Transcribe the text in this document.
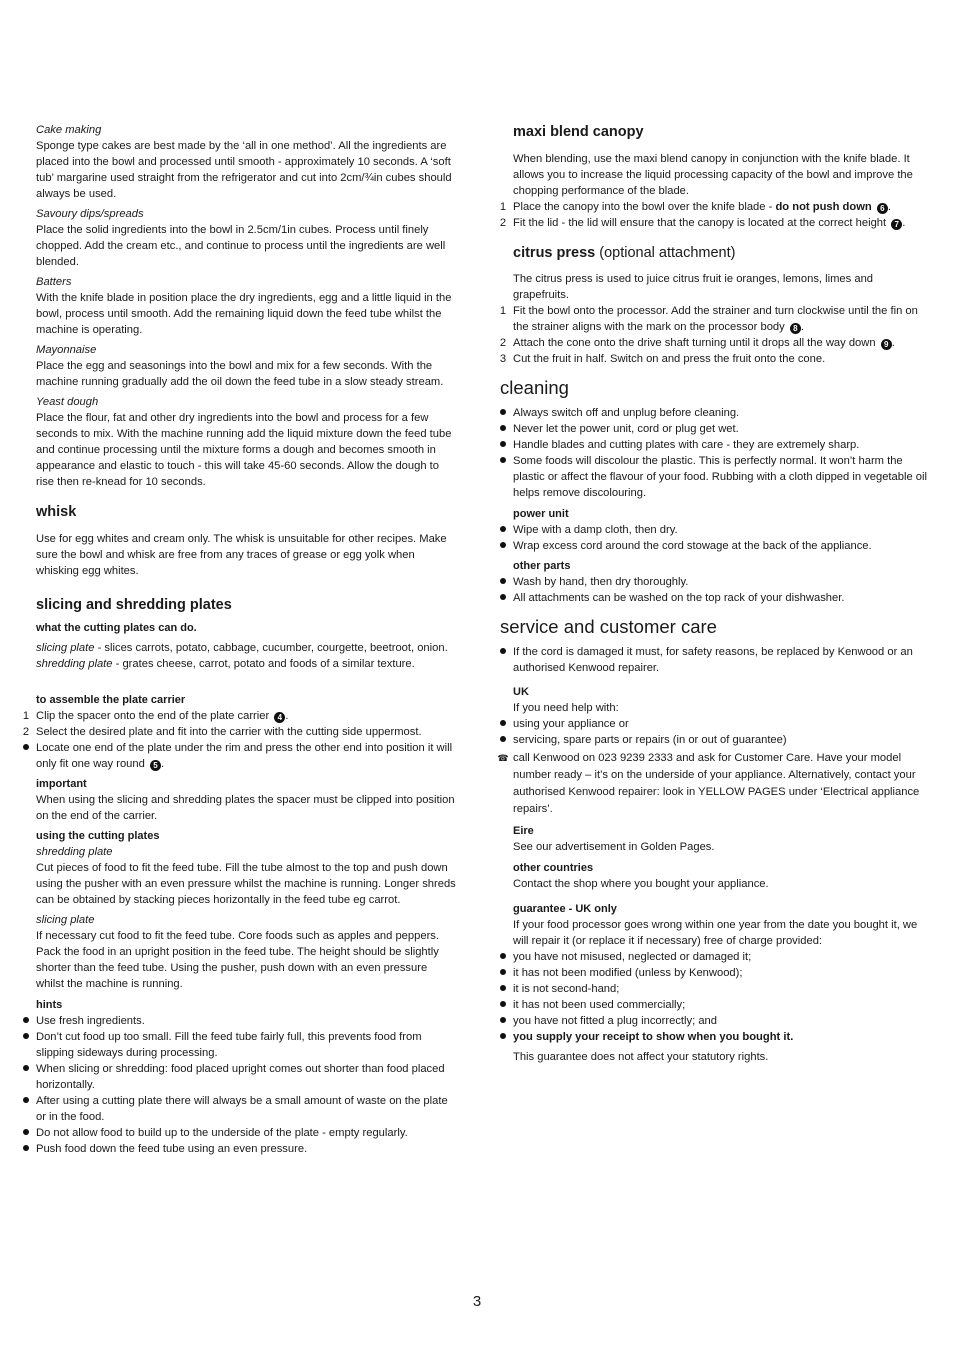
Cake making

Sponge type cakes are best made by the ‘all in one method’. All the ingredients are placed into the bowl and processed until smooth - approximately 10 seconds. A ‘soft tub’ margarine used straight from the refrigerator and cut into 2cm/¾in cubes should always be used.

Savoury dips/spreads

Place the solid ingredients into the bowl in 2.5cm/1in cubes. Process until finely chopped. Add the cream etc., and continue to process until the ingredients are well blended.

Batters

With the knife blade in position place the dry ingredients, egg and a little liquid in the bowl, process until smooth. Add the remaining liquid down the feed tube whilst the machine is operating.

Mayonnaise

Place the egg and seasonings into the bowl and mix for a few seconds. With the machine running gradually add the oil down the feed tube in a slow steady stream.

Yeast dough

Place the flour, fat and other dry ingredients into the bowl and process for a few seconds to mix. With the machine running add the liquid mixture down the feed tube and continue processing until the mixture forms a dough and becomes smooth in appearance and elastic to touch - this will take 45-60 seconds. Allow the dough to rise then re-knead for 10 seconds.

whisk

Use for egg whites and cream only. The whisk is unsuitable for other recipes. Make sure the bowl and whisk are free from any traces of grease or egg yolk when whisking egg whites.

slicing and shredding plates

what the cutting plates can do.

slicing plate - slices carrots, potato, cabbage, cucumber, courgette, beetroot, onion.

shredding plate - grates cheese, carrot, potato and foods of a similar texture.

to assemble the plate carrier

1 Clip the spacer onto the end of the plate carrier 4 .
2 Select the desired plate and fit into the carrier with the cutting side uppermost.
Locate one end of the plate under the rim and press the other end into position it will only fit one way round 5 .

important

When using the slicing and shredding plates the spacer must be clipped into position on the end of the carrier.

using the cutting plates

shredding plate

Cut pieces of food to fit the feed tube. Fill the tube almost to the top and push down using the pusher with an even pressure whilst the machine is running. Longer shreds can be obtained by stacking pieces horizontally in the feed tube eg carrot.

slicing plate

If necessary cut food to fit the feed tube. Core foods such as apples and peppers. Pack the food in an upright position in the feed tube. The height should be slightly shorter than the feed tube. Using the pusher, push down with an even pressure whilst the machine is running.

hints

Use fresh ingredients.
Don’t cut food up too small. Fill the feed tube fairly full, this prevents food from slipping sideways during processing.
When slicing or shredding: food placed upright comes out shorter than food placed horizontally.
After using a cutting plate there will always be a small amount of waste on the plate or in the food.
Do not allow food to build up to the underside of the plate - empty regularly.
Push food down the feed tube using an even pressure.

maxi blend canopy

When blending, use the maxi blend canopy in conjunction with the knife blade. It allows you to increase the liquid processing capacity of the bowl and improve the chopping performance of the blade.

1 Place the canopy into the bowl over the knife blade - do not push down 6 .
2 Fit the lid - the lid will ensure that the canopy is located at the correct height 7 .

citrus press (optional attachment)

The citrus press is used to juice citrus fruit ie oranges, lemons, limes and grapefruits.

1 Fit the bowl onto the processor. Add the strainer and turn clockwise until the fin on the strainer aligns with the mark on the processor body 8 .
2 Attach the cone onto the drive shaft turning until it drops all the way down 9 .
3 Cut the fruit in half. Switch on and press the fruit onto the cone.

cleaning

Always switch off and unplug before cleaning.
Never let the power unit, cord or plug get wet.
Handle blades and cutting plates with care - they are extremely sharp.
Some foods will discolour the plastic. This is perfectly normal. It won’t harm the plastic or affect the flavour of your food. Rubbing with a cloth dipped in vegetable oil helps remove discolouring.

power unit

Wipe with a damp cloth, then dry.
Wrap excess cord around the cord stowage at the back of the appliance.

other parts

Wash by hand, then dry thoroughly.
All attachments can be washed on the top rack of your dishwasher.

service and customer care

If the cord is damaged it must, for safety reasons, be replaced by Kenwood or an authorised Kenwood repairer.

UK

If you need help with:

using your appliance or
servicing, spare parts or repairs (in or out of guarantee)
☎ call Kenwood on 023 9239 2333 and ask for Customer Care. Have your model number ready – it’s on the underside of your appliance. Alternatively, contact your authorised Kenwood repairer: look in YELLOW PAGES under ‘Electrical appliance repairs’.

Eire

See our advertisement in Golden Pages.

other countries

Contact the shop where you bought your appliance.

guarantee - UK only

If your food processor goes wrong within one year from the date you bought it, we will repair it (or replace it if necessary) free of charge provided:

you have not misused, neglected or damaged it;
it has not been modified (unless by Kenwood);
it is not second-hand;
it has not been used commercially;
you have not fitted a plug incorrectly; and
you supply your receipt to show when you bought it.

This guarantee does not affect your statutory rights.

3
